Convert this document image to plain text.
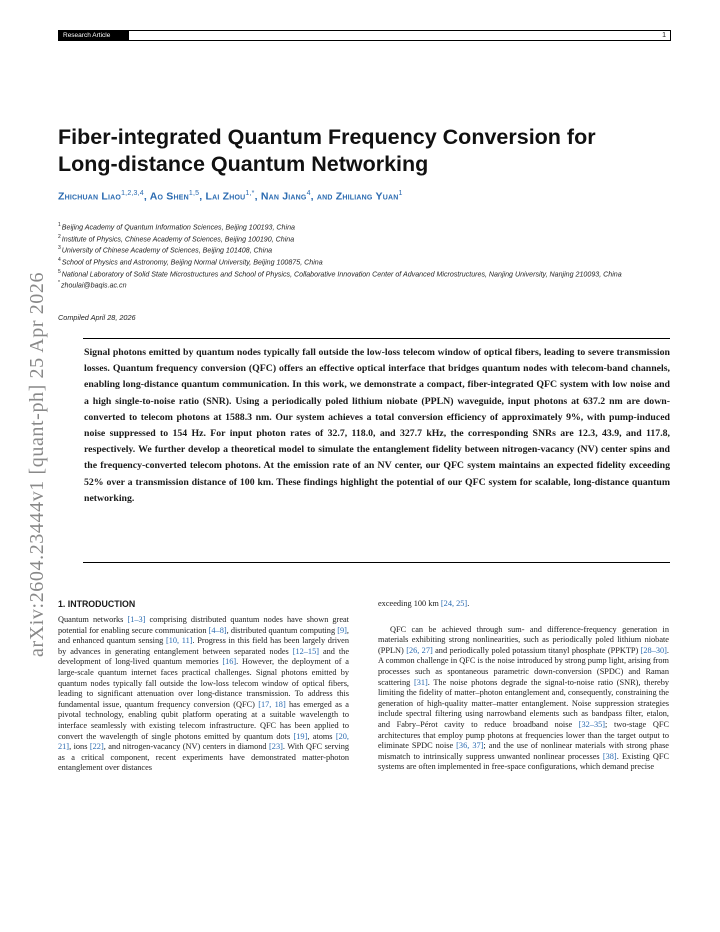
Research Article	1
arXiv:2604.23444v1 [quant-ph] 25 Apr 2026
Fiber-integrated Quantum Frequency Conversion for
Long-distance Quantum Networking
Zhichuan Liao$^{1,2,3,4}$, Ao Shen$^{1,5}$, Lai Zhou$^{1,*}$, Nan Jiang$^4$, and Zhiliang Yuan$^1$
$^1$Beijing Academy of Quantum Information Sciences, Beijing 100193, China
$^2$Institute of Physics, Chinese Academy of Sciences, Beijing 100190, China
$^3$University of Chinese Academy of Sciences, Beijing 101408, China
$^4$School of Physics and Astronomy, Beijing Normal University, Beijing 100875, China
$^5$National Laboratory of Solid State Microstructures and School of Physics, Collaborative Innovation Center of Advanced Microstructures, Nanjing University, Nanjing 210093, China
*zhoulai@baqis.ac.cn
Compiled April 28, 2026

Signal photons emitted by quantum nodes typically fall outside the low-loss telecom window of optical fibers, leading to severe transmission losses. Quantum frequency conversion (QFC) offers an effective optical interface that bridges quantum nodes with telecom-band channels, enabling long-distance quantum communication. In this work, we demonstrate a compact, fiber-integrated QFC system with low noise and a high single-to-noise ratio (SNR). Using a periodically poled lithium niobate (PPLN) waveguide, input photons at 637.2 nm are down-converted to telecom photons at 1588.3 nm. Our system achieves a total conversion efficiency of approximately 9%, with pump-induced noise suppressed to 154 Hz. For input photon rates of 32.7, 118.0, and 327.7 kHz, the corresponding SNRs are 12.3, 43.9, and 117.8, respectively. We further develop a theoretical model to simulate the entanglement fidelity between nitrogen-vacancy (NV) center spins and the frequency-converted telecom photons. At the emission rate of an NV center, our QFC system maintains an expected fidelity exceeding 52% over a transmission distance of 100 km. These findings highlight the potential of our QFC system for scalable, long-distance quantum networking.

1. INTRODUCTION

Quantum networks [1–3] comprising distributed quantum nodes have shown great potential for enabling secure communication [4–8], distributed quantum computing [9], and enhanced quantum sensing [10, 11]. Progress in this field has been largely driven by advances in generating entanglement between separated nodes [12–15] and the development of long-lived quantum memories [16]. However, the deployment of a large-scale quantum internet faces practical challenges. Signal photons emitted by quantum nodes typically fall outside the low-loss telecom window of optical fibers, leading to significant attenuation over long-distance transmission. To address this fundamental issue, quantum frequency conversion (QFC) [17, 18] has emerged as a pivotal technology, enabling qubit platform operating at a suitable wavelength to interface seamlessly with existing telecom infrastructure. QFC has been applied to convert the wavelength of single photons emitted by quantum dots [19], atoms [20, 21], ions [22], and nitrogen-vacancy (NV) centers in diamond [23]. With QFC serving as a critical component, recent experiments have demonstrated matter-photon entanglement over distances

exceeding 100 km [24, 25].

QFC can be achieved through sum- and difference-frequency generation in materials exhibiting strong nonlinearities, such as periodically poled lithium niobate (PPLN) [26, 27] and periodically poled potassium titanyl phosphate (PPKTP) [28–30]. A common challenge in QFC is the noise introduced by strong pump light, arising from processes such as spontaneous parametric down-conversion (SPDC) and Raman scattering [31]. The noise photons degrade the signal-to-noise ratio (SNR), thereby limiting the fidelity of matter–photon entanglement and, consequently, constraining the generation of high-quality matter–matter entanglement. Noise suppression strategies include spectral filtering using narrowband elements such as bandpass filter, etalon, and Fabry–Pérot cavity to reduce broadband noise [32–35]; two-stage QFC architectures that employ pump photons at frequencies lower than the target output to eliminate SPDC noise [36, 37]; and the use of nonlinear materials with strong phase mismatch to intrinsically suppress unwanted nonlinear processes [38]. Existing QFC systems are often implemented in free-space configurations, which demand precise
